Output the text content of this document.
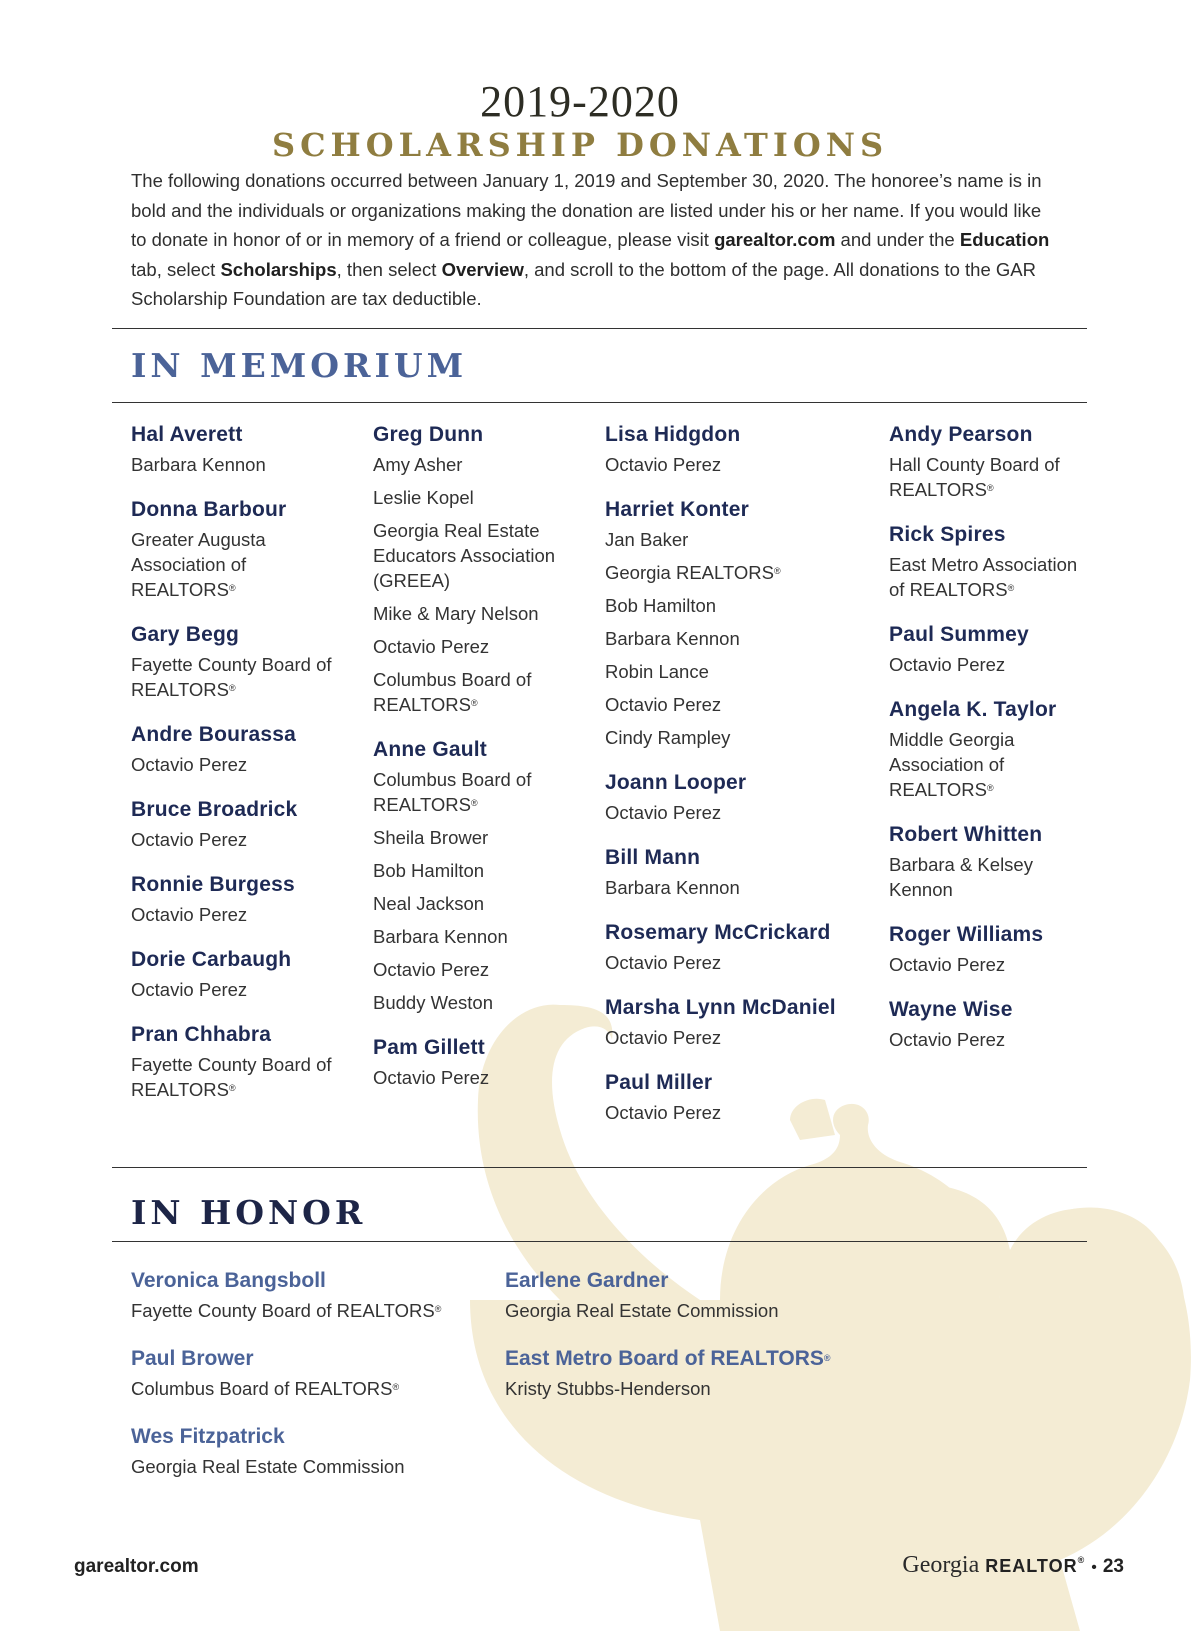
2019-2020
SCHOLARSHIP DONATIONS
The following donations occurred between January 1, 2019 and September 30, 2020. The honoree’s name is in bold and the individuals or organizations making the donation are listed under his or her name. If you would like to donate in honor of or in memory of a friend or colleague, please visit garealtor.com and under the Education tab, select Scholarships, then select Overview, and scroll to the bottom of the page. All donations to the GAR Scholarship Foundation are tax deductible.
IN MEMORIUM

Hal Averett

Barbara Kennon

Donna Barbour

Greater Augusta Association of REALTORS®

Gary Begg

Fayette County Board of REALTORS®

Andre Bourassa

Octavio Perez

Bruce Broadrick

Octavio Perez

Ronnie Burgess

Octavio Perez

Dorie Carbaugh

Octavio Perez

Pran Chhabra

Fayette County Board of REALTORS®

Greg Dunn

Amy Asher

Leslie Kopel

Georgia Real Estate Educators Association (GREEA)

Mike & Mary Nelson

Octavio Perez

Columbus Board of REALTORS®

Anne Gault

Columbus Board of REALTORS®

Sheila Brower

Bob Hamilton

Neal Jackson

Barbara Kennon

Octavio Perez

Buddy Weston

Pam Gillett

Octavio Perez

Lisa Hidgdon

Octavio Perez

Harriet Konter

Jan Baker

Georgia REALTORS®

Bob Hamilton

Barbara Kennon

Robin Lance

Octavio Perez

Cindy Rampley

Joann Looper

Octavio Perez

Bill Mann

Barbara Kennon

Rosemary McCrickard

Octavio Perez

Marsha Lynn McDaniel

Octavio Perez

Paul Miller

Octavio Perez

Andy Pearson

Hall County Board of REALTORS®

Rick Spires

East Metro Association of REALTORS®

Paul Summey

Octavio Perez

Angela K. Taylor

Middle Georgia Association of REALTORS®

Robert Whitten

Barbara & Kelsey Kennon

Roger Williams

Octavio Perez

Wayne Wise

Octavio Perez

IN HONOR

Veronica Bangsboll

Fayette County Board of REALTORS®

Paul Brower

Columbus Board of REALTORS®

Wes Fitzpatrick

Georgia Real Estate Commission

Earlene Gardner

Georgia Real Estate Commission

East Metro Board of REALTORS®

Kristy Stubbs-Henderson

garealtor.com	Georgia REALTOR® • 23
